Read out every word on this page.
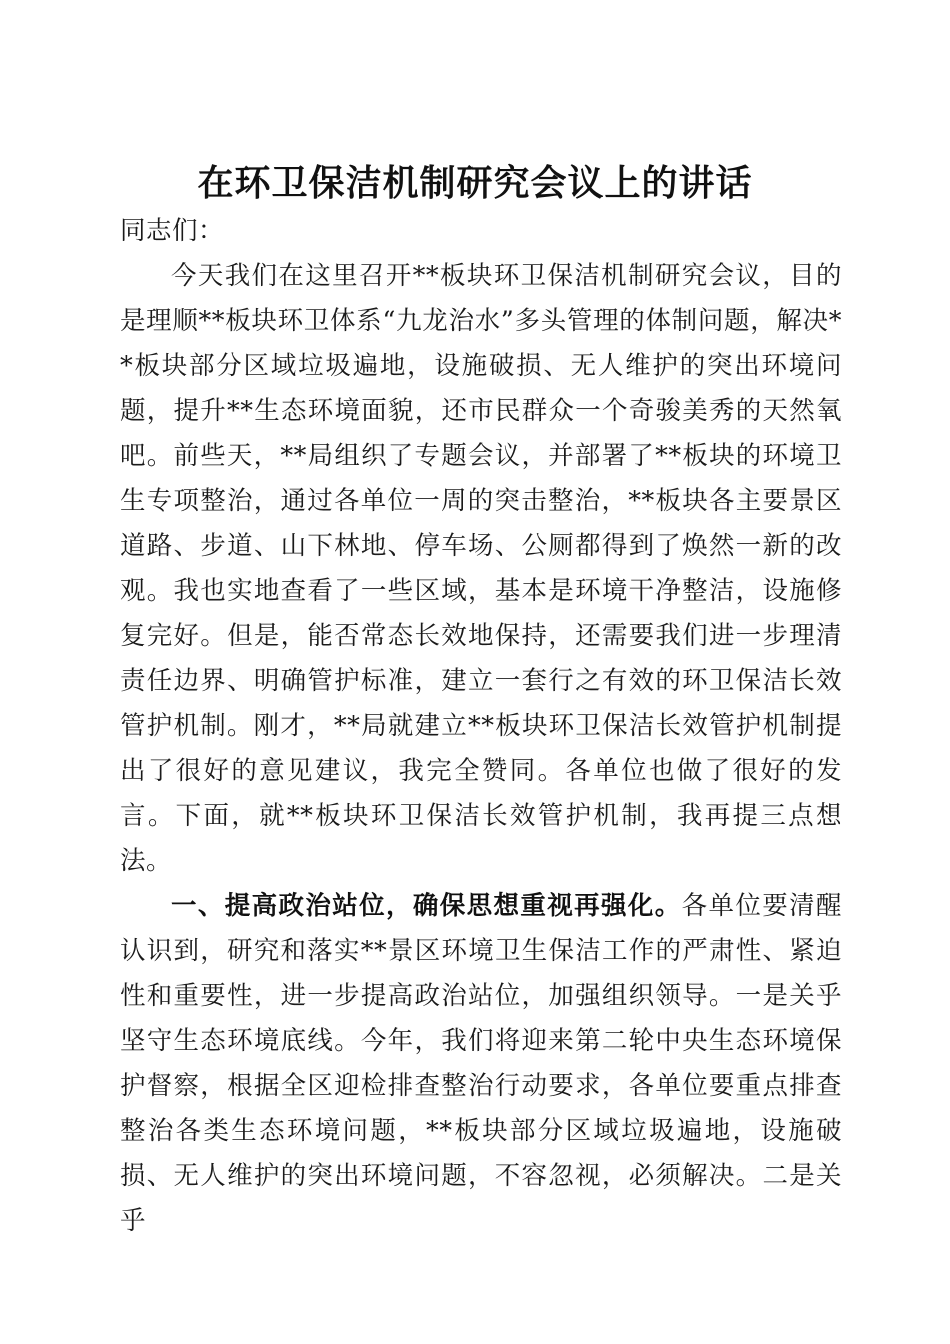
在环卫保洁机制研究会议上的讲话

同志们：

今天我们在这里召开**板块环卫保洁机制研究会议，目的是理顺**板块环卫体系“九龙治水”多头管理的体制问题，解决**板块部分区域垃圾遍地，设施破损、无人维护的突出环境问题，提升**生态环境面貌，还市民群众一个奇骏美秀的天然氧吧。前些天，**局组织了专题会议，并部署了**板块的环境卫生专项整治，通过各单位一周的突击整治，**板块各主要景区道路、步道、山下林地、停车场、公厕都得到了焕然一新的改观。我也实地查看了一些区域，基本是环境干净整洁，设施修复完好。但是，能否常态长效地保持，还需要我们进一步理清责任边界、明确管护标准，建立一套行之有效的环卫保洁长效管护机制。刚才，**局就建立**板块环卫保洁长效管护机制提出了很好的意见建议，我完全赞同。各单位也做了很好的发言。下面，就**板块环卫保洁长效管护机制，我再提三点想法。

一、提高政治站位，确保思想重视再强化。各单位要清醒认识到，研究和落实**景区环境卫生保洁工作的严肃性、紧迫性和重要性，进一步提高政治站位，加强组织领导。一是关乎坚守生态环境底线。今年，我们将迎来第二轮中央生态环境保护督察，根据全区迎检排查整治行动要求，各单位要重点排查整治各类生态环境问题，**板块部分区域垃圾遍地，设施破损、无人维护的突出环境问题，不容忽视，必须解决。二是关乎
